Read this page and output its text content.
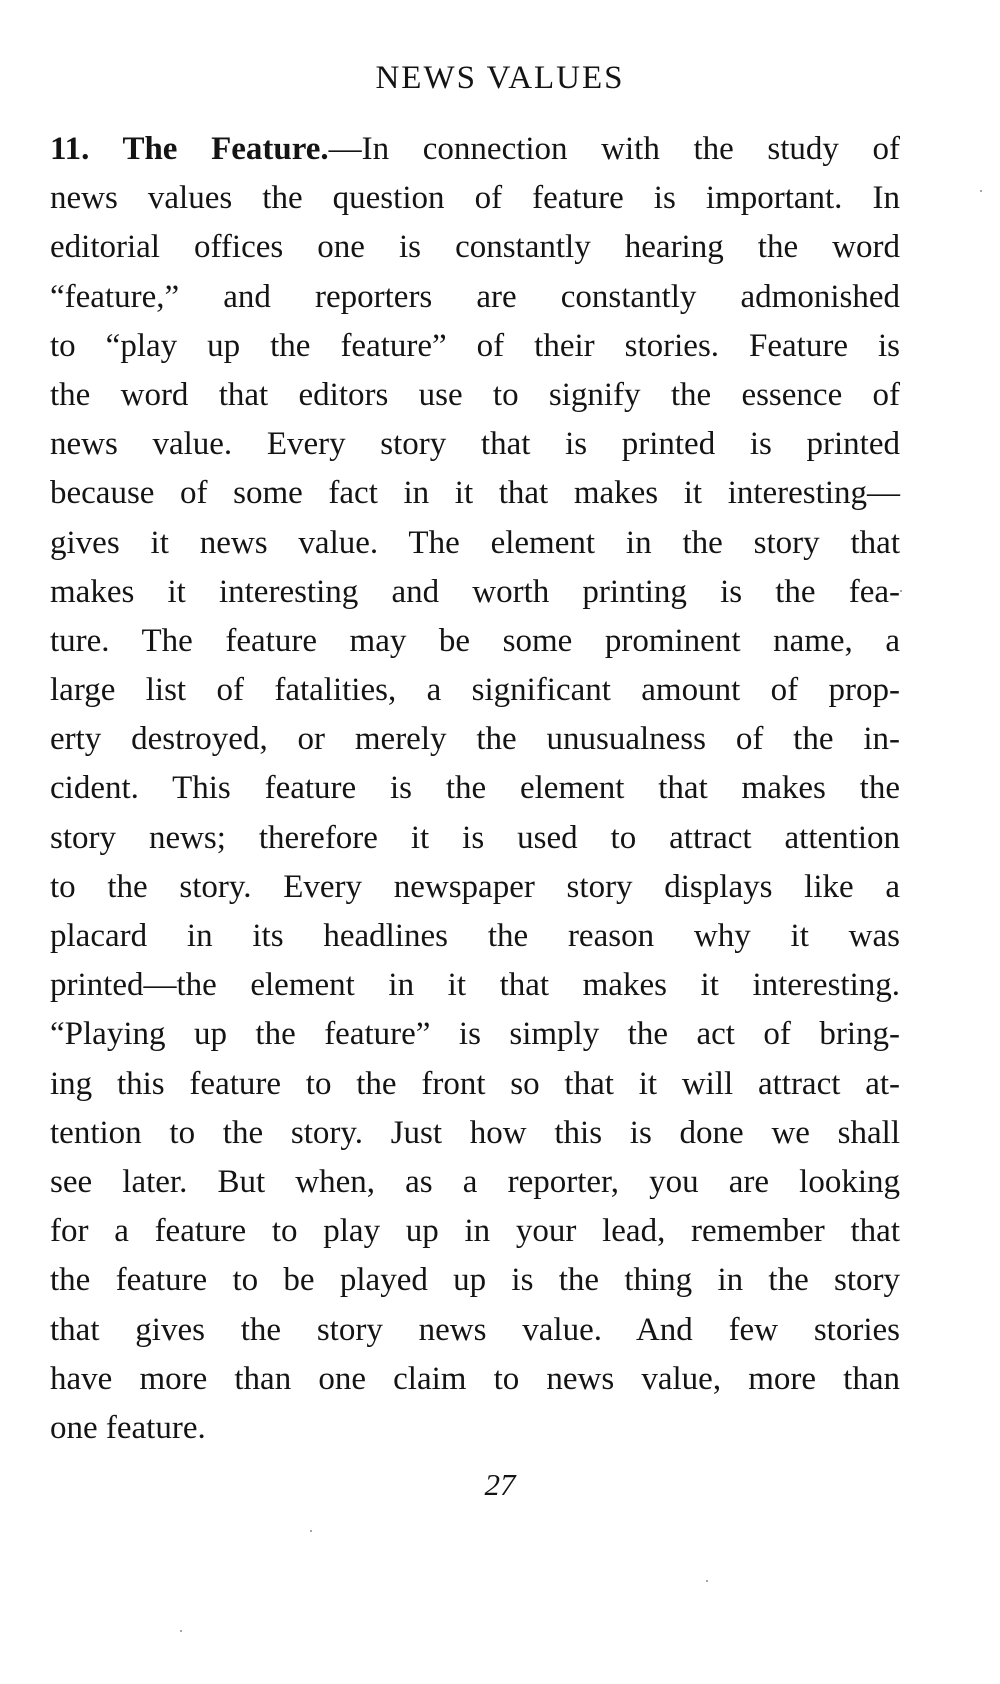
NEWS VALUES
11. The Feature.—In connection with the study of
news values the question of feature is important. In
editorial offices one is constantly hearing the word
“feature,” and reporters are constantly admonished
to “play up the feature” of their stories. Feature is
the word that editors use to signify the essence of
news value. Every story that is printed is printed
because of some fact in it that makes it interesting—
gives it news value. The element in the story that
makes it interesting and worth printing is the fea-
ture. The feature may be some prominent name, a
large list of fatalities, a significant amount of prop-
erty destroyed, or merely the unusualness of the in-
cident. This feature is the element that makes the
story news; therefore it is used to attract attention
to the story. Every newspaper story displays like a
placard in its headlines the reason why it was
printed—the element in it that makes it interesting.
“Playing up the feature” is simply the act of bring-
ing this feature to the front so that it will attract at-
tention to the story. Just how this is done we shall
see later. But when, as a reporter, you are looking
for a feature to play up in your lead, remember that
the feature to be played up is the thing in the story
that gives the story news value. And few stories
have more than one claim to news value, more than
one feature.
27
